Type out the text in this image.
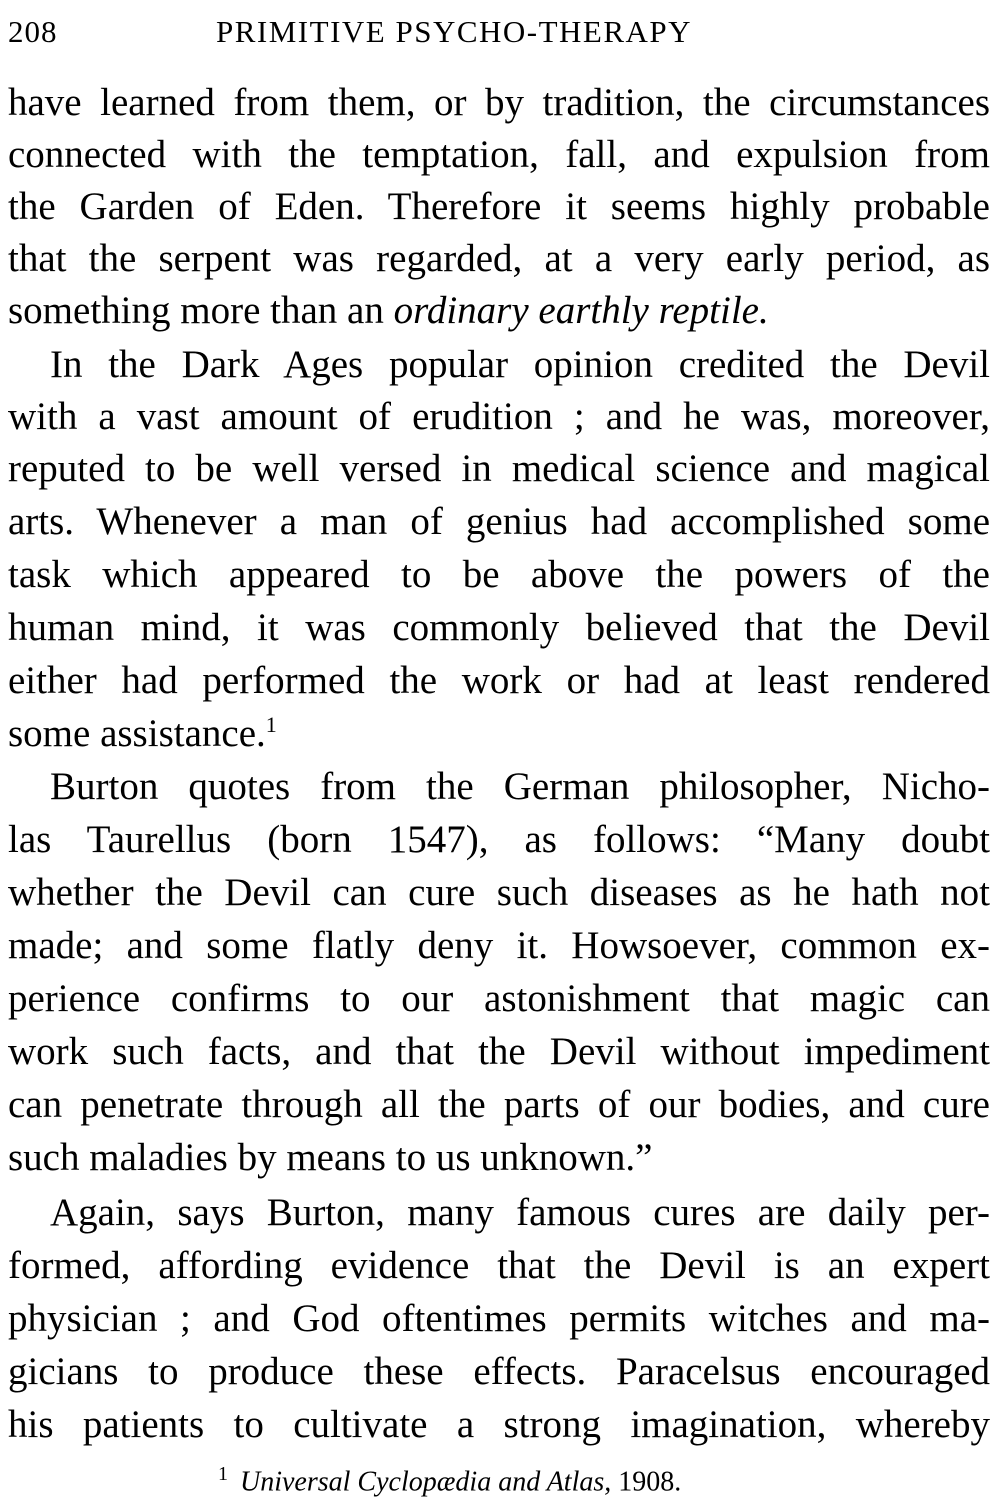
208	PRIMITIVE PSYCHO-THERAPY
have learned from them, or by tradition, the circumstances
connected with the temptation, fall, and expulsion from
the Garden of Eden. Therefore it seems highly probable
that the serpent was regarded, at a very early period, as
something more than an ordinary earthly reptile.
In the Dark Ages popular opinion credited the Devil
with a vast amount of erudition ; and he was, moreover,
reputed to be well versed in medical science and magical
arts. Whenever a man of genius had accomplished some
task which appeared to be above the powers of the
human mind, it was commonly believed that the Devil
either had performed the work or had at least rendered
some assistance.$^1$
Burton quotes from the German philosopher, Nicho-
las Taurellus (born 1547), as follows: “Many doubt
whether the Devil can cure such diseases as he hath not
made; and some flatly deny it. Howsoever, common ex-
perience confirms to our astonishment that magic can
work such facts, and that the Devil without impediment
can penetrate through all the parts of our bodies, and cure
such maladies by means to us unknown.”
Again, says Burton, many famous cures are daily per-
formed, affording evidence that the Devil is an expert
physician ; and God oftentimes permits witches and ma-
gicians to produce these effects. Paracelsus encouraged
his patients to cultivate a strong imagination, whereby
$^1$ Universal Cyclopædia and Atlas, 1908.
